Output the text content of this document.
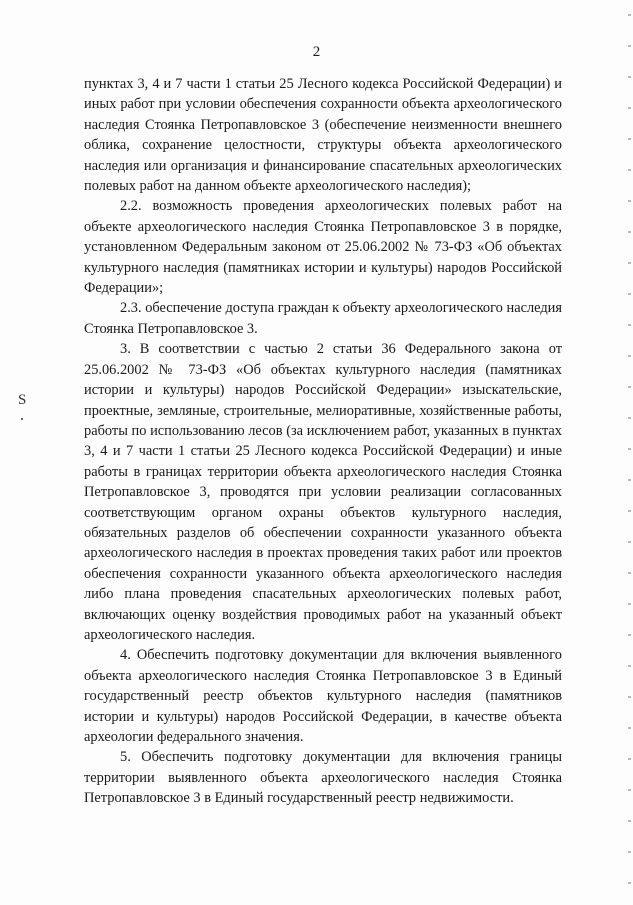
2

пунктах 3, 4 и 7 части 1 статьи 25 Лесного кодекса Российской Федерации) и иных работ при условии обеспечения сохранности объекта археологического наследия Стоянка Петропавловское 3 (обеспечение неизменности внешнего облика, сохранение целостности, структуры объекта археологического наследия или организация и финансирование спасательных археологических полевых работ на данном объекте археологического наследия);

2.2. возможность проведения археологических полевых работ на объекте археологического наследия Стоянка Петропавловское 3 в порядке, установленном Федеральным законом от 25.06.2002 № 73-ФЗ «Об объектах культурного наследия (памятниках истории и культуры) народов Российской Федерации»;

2.3. обеспечение доступа граждан к объекту археологического наследия Стоянка Петропавловское 3.

3. В соответствии с частью 2 статьи 36 Федерального закона от 25.06.2002 № 73-ФЗ «Об объектах культурного наследия (памятниках истории и культуры) народов Российской Федерации» изыскательские, проектные, земляные, строительные, мелиоративные, хозяйственные работы, работы по использованию лесов (за исключением работ, указанных в пунктах 3, 4 и 7 части 1 статьи 25 Лесного кодекса Российской Федерации) и иные работы в границах территории объекта археологического наследия Стоянка Петропавловское 3, проводятся при условии реализации согласованных соответствующим органом охраны объектов культурного наследия, обязательных разделов об обеспечении сохранности указанного объекта археологического наследия в проектах проведения таких работ или проектов обеспечения сохранности указанного объекта археологического наследия либо плана проведения спасательных археологических полевых работ, включающих оценку воздействия проводимых работ на указанный объект археологического наследия.

4. Обеспечить подготовку документации для включения выявленного объекта археологического наследия Стоянка Петропавловское 3 в Единый государственный реестр объектов культурного наследия (памятников истории и культуры) народов Российской Федерации, в качестве объекта археологии федерального значения.

5. Обеспечить подготовку документации для включения границы территории выявленного объекта археологического наследия Стоянка Петропавловское 3 в Единый государственный реестр недвижимости.

Ѕ
